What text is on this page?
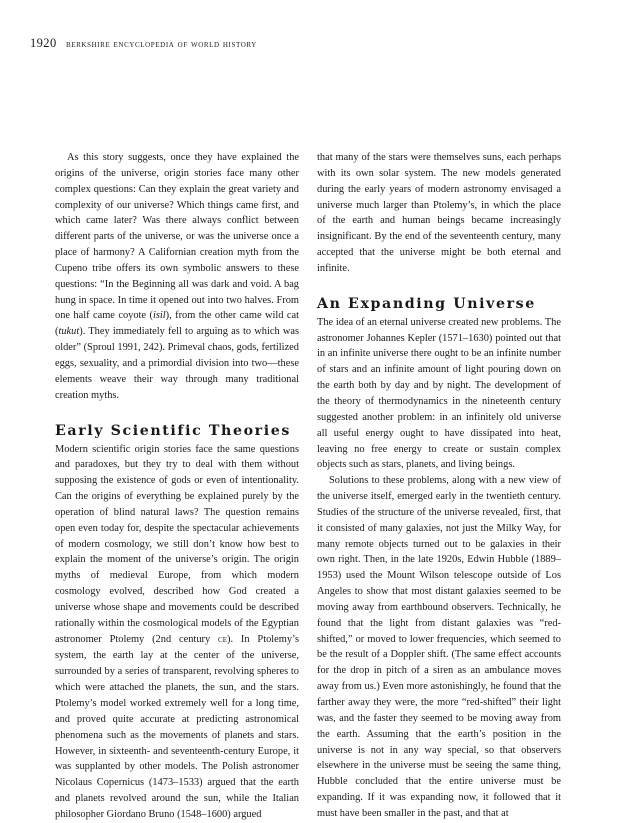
1920 berkshire encyclopedia of world history

As this story suggests, once they have explained the origins of the universe, origin stories face many other complex questions: Can they explain the great variety and complexity of our universe? Which things came first, and which came later? Was there always conflict between different parts of the universe, or was the universe once a place of harmony? A Californian creation myth from the Cupeno tribe offers its own symbolic answers to these questions: “In the Beginning all was dark and void. A bag hung in space. In time it opened out into two halves. From one half came coyote (isil), from the other came wild cat (tukut). They immediately fell to arguing as to which was older” (Sproul 1991, 242). Primeval chaos, gods, fertilized eggs, sexuality, and a primordial division into two—these elements weave their way through many traditional creation myths.

Early Scientific Theories

Modern scientific origin stories face the same questions and paradoxes, but they try to deal with them without supposing the existence of gods or even of intentionality. Can the origins of everything be explained purely by the operation of blind natural laws? The question remains open even today for, despite the spectacular achievements of modern cosmology, we still don’t know how best to explain the moment of the universe’s origin. The origin myths of medieval Europe, from which modern cosmology evolved, described how God created a universe whose shape and movements could be described rationally within the cosmological models of the Egyptian astronomer Ptolemy (2nd century ce). In Ptolemy’s system, the earth lay at the center of the universe, surrounded by a series of transparent, revolving spheres to which were attached the planets, the sun, and the stars. Ptolemy’s model worked extremely well for a long time, and proved quite accurate at predicting astronomical phenomena such as the movements of planets and stars. However, in sixteenth- and seventeenth-century Europe, it was supplanted by other models. The Polish astronomer Nicolaus Copernicus (1473–1533) argued that the earth and planets revolved around the sun, while the Italian philosopher Giordano Bruno (1548–1600) argued

that many of the stars were themselves suns, each perhaps with its own solar system. The new models generated during the early years of modern astronomy envisaged a universe much larger than Ptolemy’s, in which the place of the earth and human beings became increasingly insignificant. By the end of the seventeenth century, many accepted that the universe might be both eternal and infinite.

An Expanding Universe

The idea of an eternal universe created new problems. The astronomer Johannes Kepler (1571–1630) pointed out that in an infinite universe there ought to be an infinite number of stars and an infinite amount of light pouring down on the earth both by day and by night. The development of the theory of thermodynamics in the nineteenth century suggested another problem: in an infinitely old universe all useful energy ought to have dissipated into heat, leaving no free energy to create or sustain complex objects such as stars, planets, and living beings.

Solutions to these problems, along with a new view of the universe itself, emerged early in the twentieth century. Studies of the structure of the universe revealed, first, that it consisted of many galaxies, not just the Milky Way, for many remote objects turned out to be galaxies in their own right. Then, in the late 1920s, Edwin Hubble (1889–1953) used the Mount Wilson telescope outside of Los Angeles to show that most distant galaxies seemed to be moving away from earthbound observers. Technically, he found that the light from distant galaxies was “red-shifted,” or moved to lower frequencies, which seemed to be the result of a Doppler shift. (The same effect accounts for the drop in pitch of a siren as an ambulance moves away from us.) Even more astonishingly, he found that the farther away they were, the more “red-shifted” their light was, and the faster they seemed to be moving away from the earth. Assuming that the earth’s position in the universe is not in any way special, so that observers elsewhere in the universe must be seeing the same thing, Hubble concluded that the entire universe must be expanding. If it was expanding now, it followed that it must have been smaller in the past, and that at
